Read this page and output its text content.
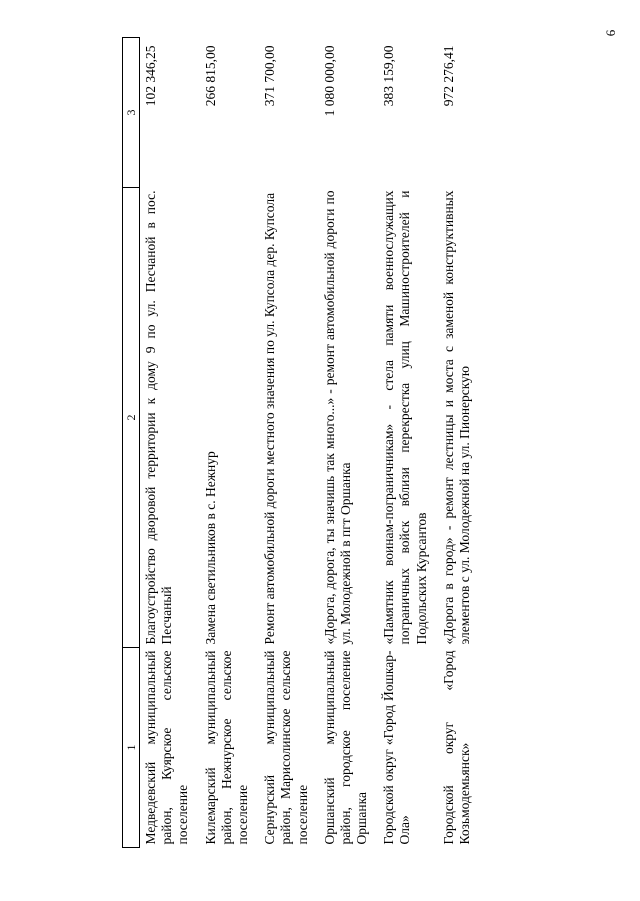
6
1	2	3
Медведевский муниципальный район, Куярское сельское поселение	Благоустройство дворовой территории к дому 9 по ул. Песчаной в пос. Песчаный	102 346,25
Килемарский муниципальный район, Нежнурское сельское поселение	Замена светильников в с. Нежнур	266 815,00
Сернурский муниципальный район, Марисолинское сельское поселение	Ремонт автомобильной дороги местного значения по ул. Купсола дер. Купсола	371 700,00
Оршанский муниципальный район, городское поселение Оршанка	«Дорога, дорога, ты значишь так много...» - ремонт автомобильной дороги по ул. Молодежной в пгт Оршанка	1 080 000,00
Городской округ «Город Йошкар-Ола»	«Памятник воинам-пограничникам» - стела памяти военнослужащих пограничных войск вблизи перекрестка улиц Машиностроителей и Подольских Курсантов	383 159,00
Городской округ «Город Козьмодемьянск»	«Дорога в город» - ремонт лестницы и моста с заменой конструктивных элементов с ул. Молодежной на ул. Пионерскую	972 276,41
